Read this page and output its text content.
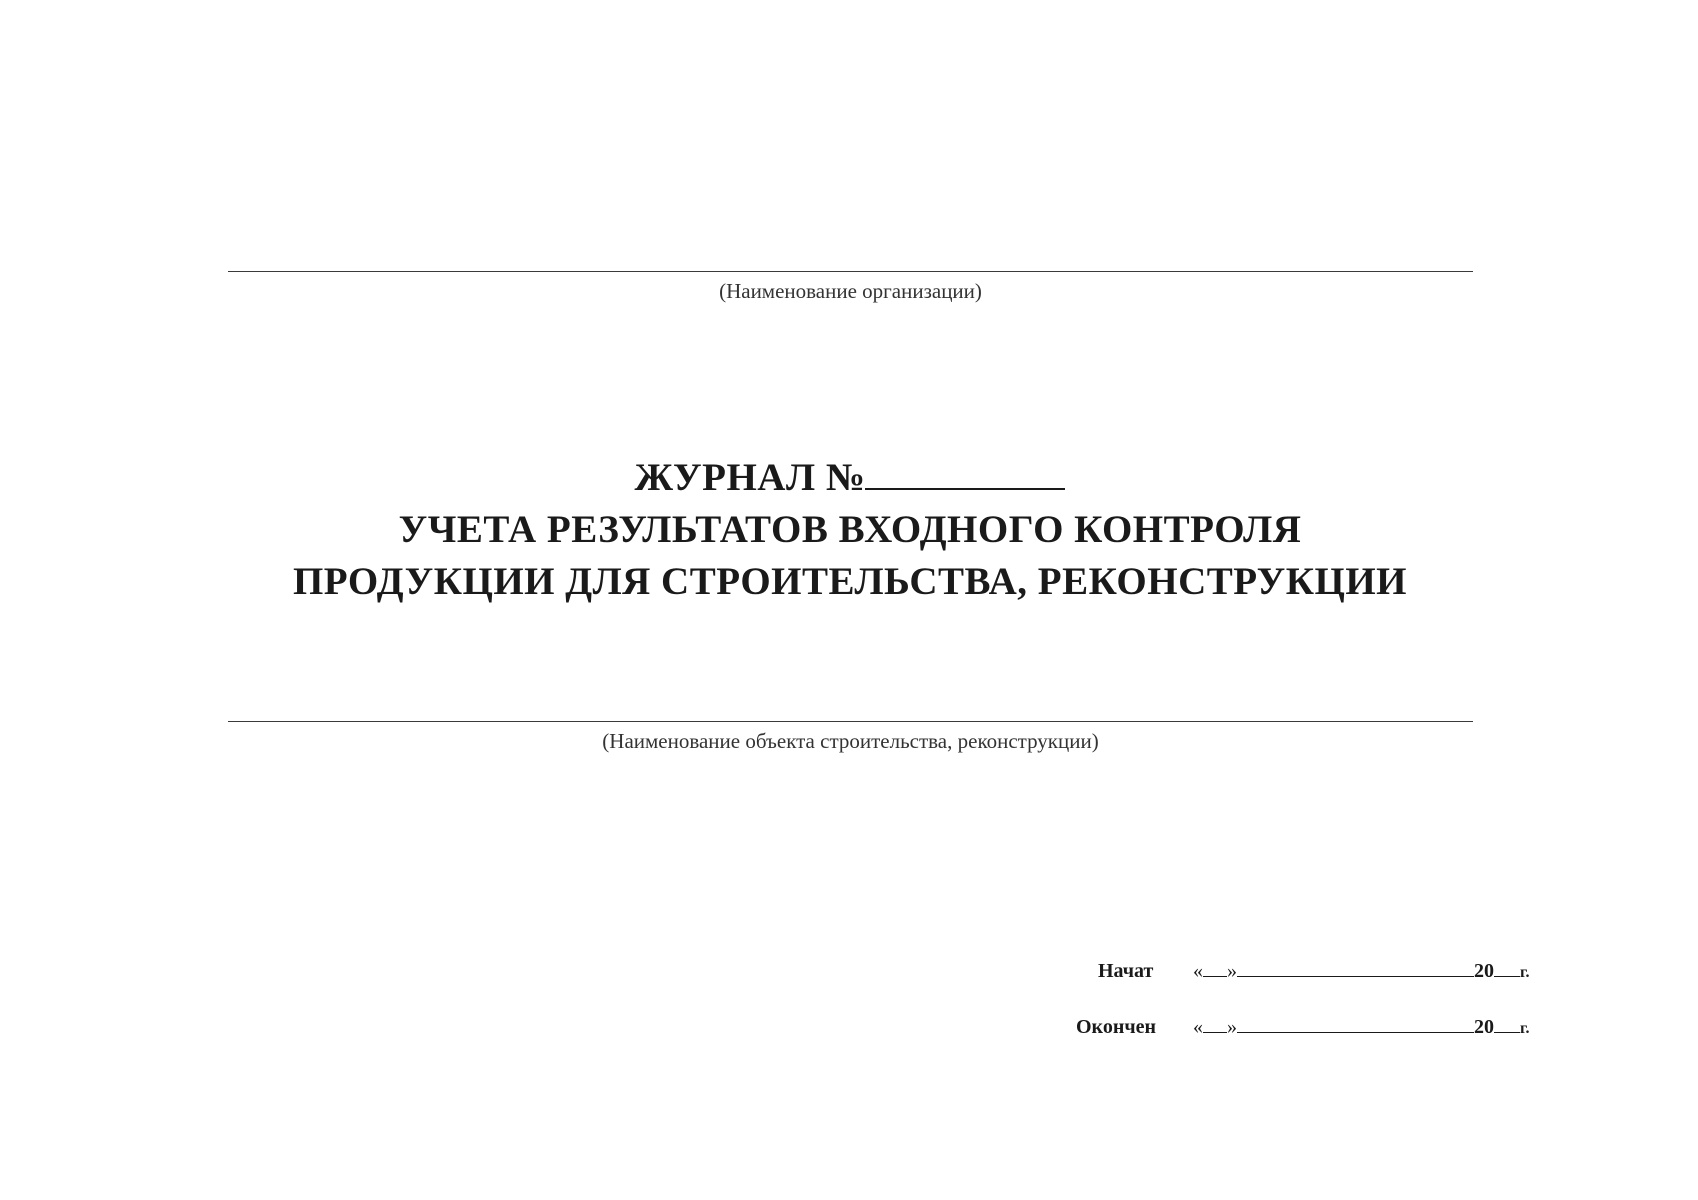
(Наименование организации)
ЖУРНАЛ №
УЧЕТА РЕЗУЛЬТАТОВ ВХОДНОГО КОНТРОЛЯ
ПРОДУКЦИИ ДЛЯ СТРОИТЕЛЬСТВА, РЕКОНСТРУКЦИИ
(Наименование объекта строительства, реконструкции)
Начат	« »	20 г.
Окончен	« »	20 г.
